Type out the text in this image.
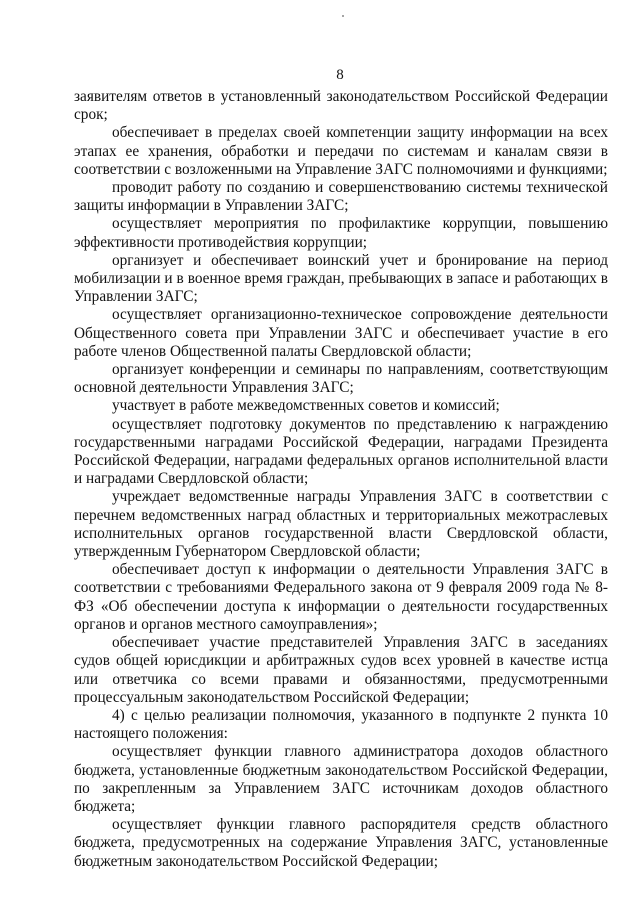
8

заявителям ответов в установленный законодательством Российской Федерации срок;

обеспечивает в пределах своей компетенции защиту информации на всех этапах ее хранения, обработки и передачи по системам и каналам связи в соответствии с возложенными на Управление ЗАГС полномочиями и функциями;

проводит работу по созданию и совершенствованию системы технической защиты информации в Управлении ЗАГС;

осуществляет мероприятия по профилактике коррупции, повышению эффективности противодействия коррупции;

организует и обеспечивает воинский учет и бронирование на период мобилизации и в военное время граждан, пребывающих в запасе и работающих в Управлении ЗАГС;

осуществляет организационно-техническое сопровождение деятельности Общественного совета при Управлении ЗАГС и обеспечивает участие в его работе членов Общественной палаты Свердловской области;

организует конференции и семинары по направлениям, соответствующим основной деятельности Управления ЗАГС;

участвует в работе межведомственных советов и комиссий;

осуществляет подготовку документов по представлению к награждению государственными наградами Российской Федерации, наградами Президента Российской Федерации, наградами федеральных органов исполнительной власти и наградами Свердловской области;

учреждает ведомственные награды Управления ЗАГС в соответствии с перечнем ведомственных наград областных и территориальных межотраслевых исполнительных органов государственной власти Свердловской области, утвержденным Губернатором Свердловской области;

обеспечивает доступ к информации о деятельности Управления ЗАГС в соответствии с требованиями Федерального закона от 9 февраля 2009 года № 8-ФЗ «Об обеспечении доступа к информации о деятельности государственных органов и органов местного самоуправления»;

обеспечивает участие представителей Управления ЗАГС в заседаниях судов общей юрисдикции и арбитражных судов всех уровней в качестве истца или ответчика со всеми правами и обязанностями, предусмотренными процессуальным законодательством Российской Федерации;

4) с целью реализации полномочия, указанного в подпункте 2 пункта 10 настоящего положения:

осуществляет функции главного администратора доходов областного бюджета, установленные бюджетным законодательством Российской Федерации, по закрепленным за Управлением ЗАГС источникам доходов областного бюджета;

осуществляет функции главного распорядителя средств областного бюджета, предусмотренных на содержание Управления ЗАГС, установленные бюджетным законодательством Российской Федерации;
